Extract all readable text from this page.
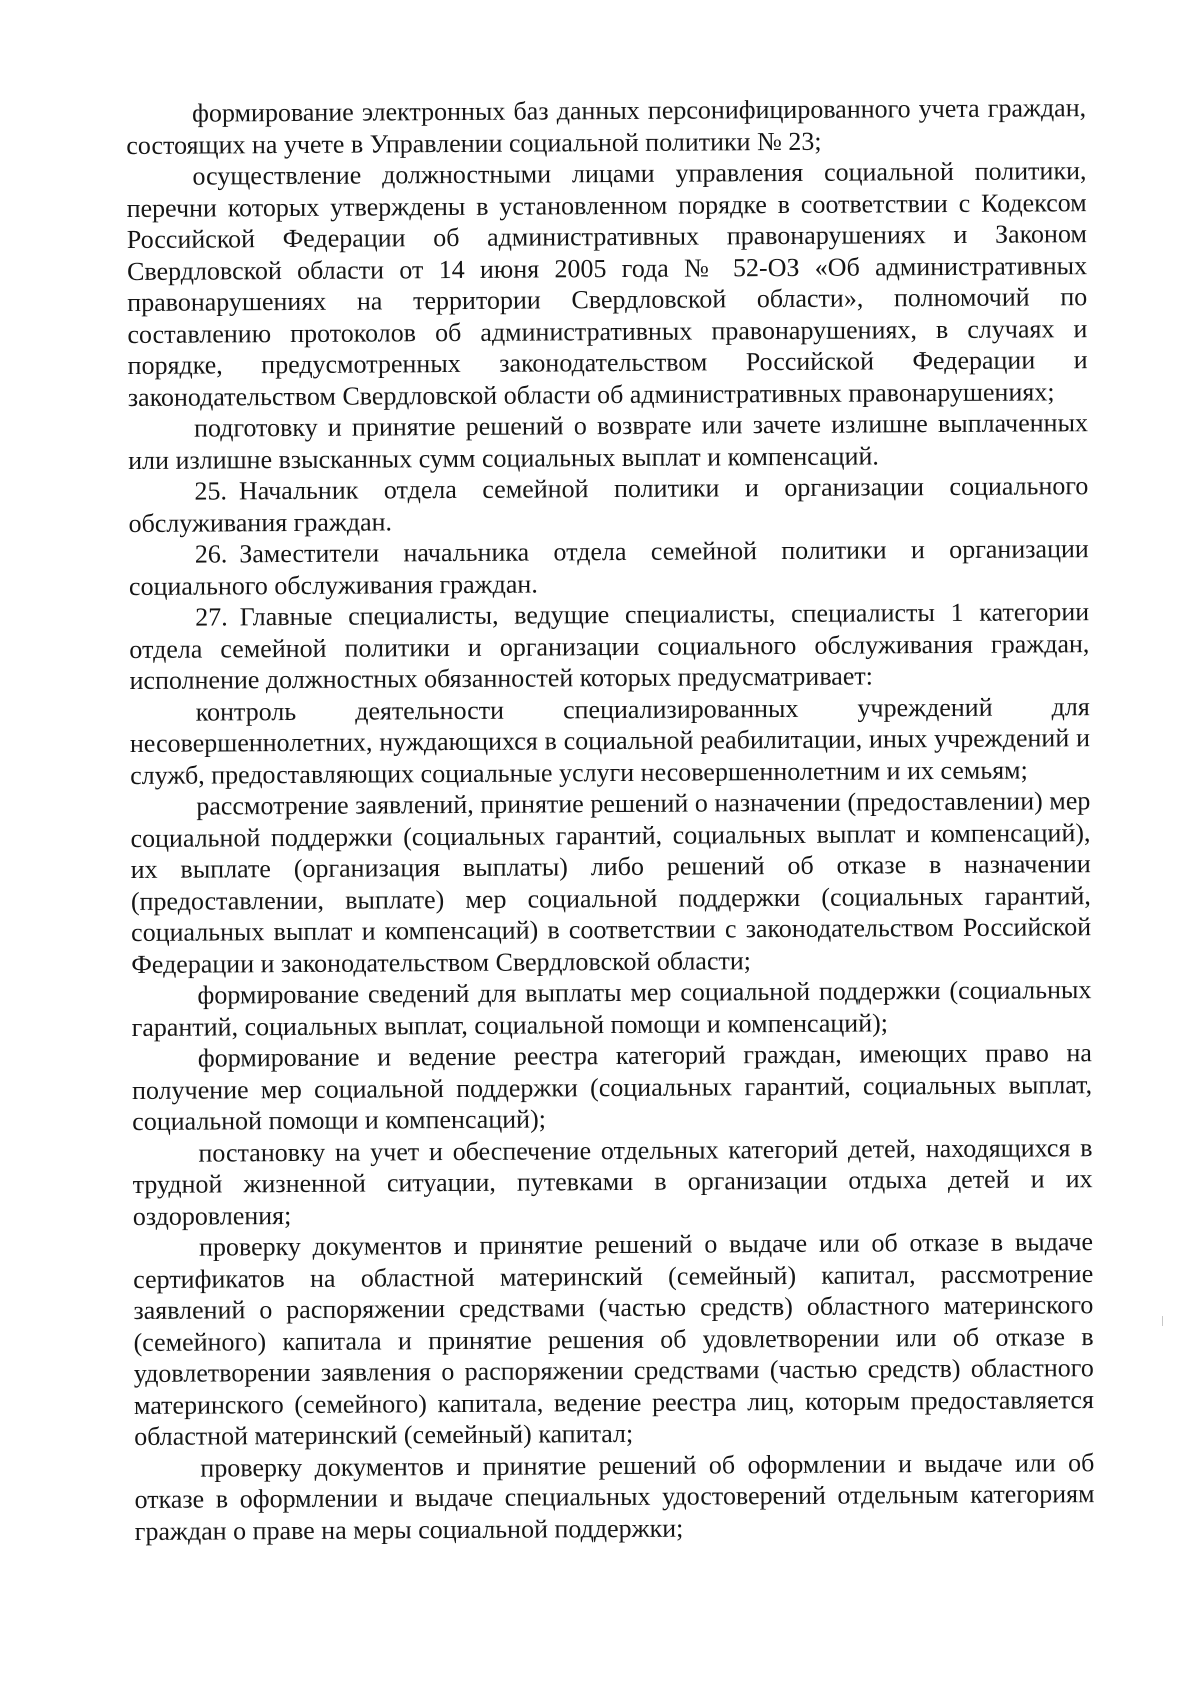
формирование электронных баз данных персонифицированного учета граждан, состоящих на учете в Управлении социальной политики № 23;

осуществление должностными лицами управления социальной политики, перечни которых утверждены в установленном порядке в соответствии с Кодексом Российской Федерации об административных правонарушениях и Законом Свердловской области от 14 июня 2005 года № 52-ОЗ «Об административных правонарушениях на территории Свердловской области», полномочий по составлению протоколов об административных правонарушениях, в случаях и порядке, предусмотренных законодательством Российской Федерации и законодательством Свердловской области об административных правонарушениях;

подготовку и принятие решений о возврате или зачете излишне выплаченных или излишне взысканных сумм социальных выплат и компенсаций.

25. Начальник отдела семейной политики и организации социального обслуживания граждан.

26. Заместители начальника отдела семейной политики и организации социального обслуживания граждан.

27. Главные специалисты, ведущие специалисты, специалисты 1 категории отдела семейной политики и организации социального обслуживания граждан, исполнение должностных обязанностей которых предусматривает:

контроль деятельности специализированных учреждений для несовершеннолетних, нуждающихся в социальной реабилитации, иных учреждений и служб, предоставляющих социальные услуги несовершеннолетним и их семьям;

рассмотрение заявлений, принятие решений о назначении (предоставлении) мер социальной поддержки (социальных гарантий, социальных выплат и компенсаций), их выплате (организация выплаты) либо решений об отказе в назначении (предоставлении, выплате) мер социальной поддержки (социальных гарантий, социальных выплат и компенсаций) в соответствии с законодательством Российской Федерации и законодательством Свердловской области;

формирование сведений для выплаты мер социальной поддержки (социальных гарантий, социальных выплат, социальной помощи и компенсаций);

формирование и ведение реестра категорий граждан, имеющих право на получение мер социальной поддержки (социальных гарантий, социальных выплат, социальной помощи и компенсаций);

постановку на учет и обеспечение отдельных категорий детей, находящихся в трудной жизненной ситуации, путевками в организации отдыха детей и их оздоровления;

проверку документов и принятие решений о выдаче или об отказе в выдаче сертификатов на областной материнский (семейный) капитал, рассмотрение заявлений о распоряжении средствами (частью средств) областного материнского (семейного) капитала и принятие решения об удовлетворении или об отказе в удовлетворении заявления о распоряжении средствами (частью средств) областного материнского (семейного) капитала, ведение реестра лиц, которым предоставляется областной материнский (семейный) капитал;

проверку документов и принятие решений об оформлении и выдаче или об отказе в оформлении и выдаче специальных удостоверений отдельным категориям граждан о праве на меры социальной поддержки;
